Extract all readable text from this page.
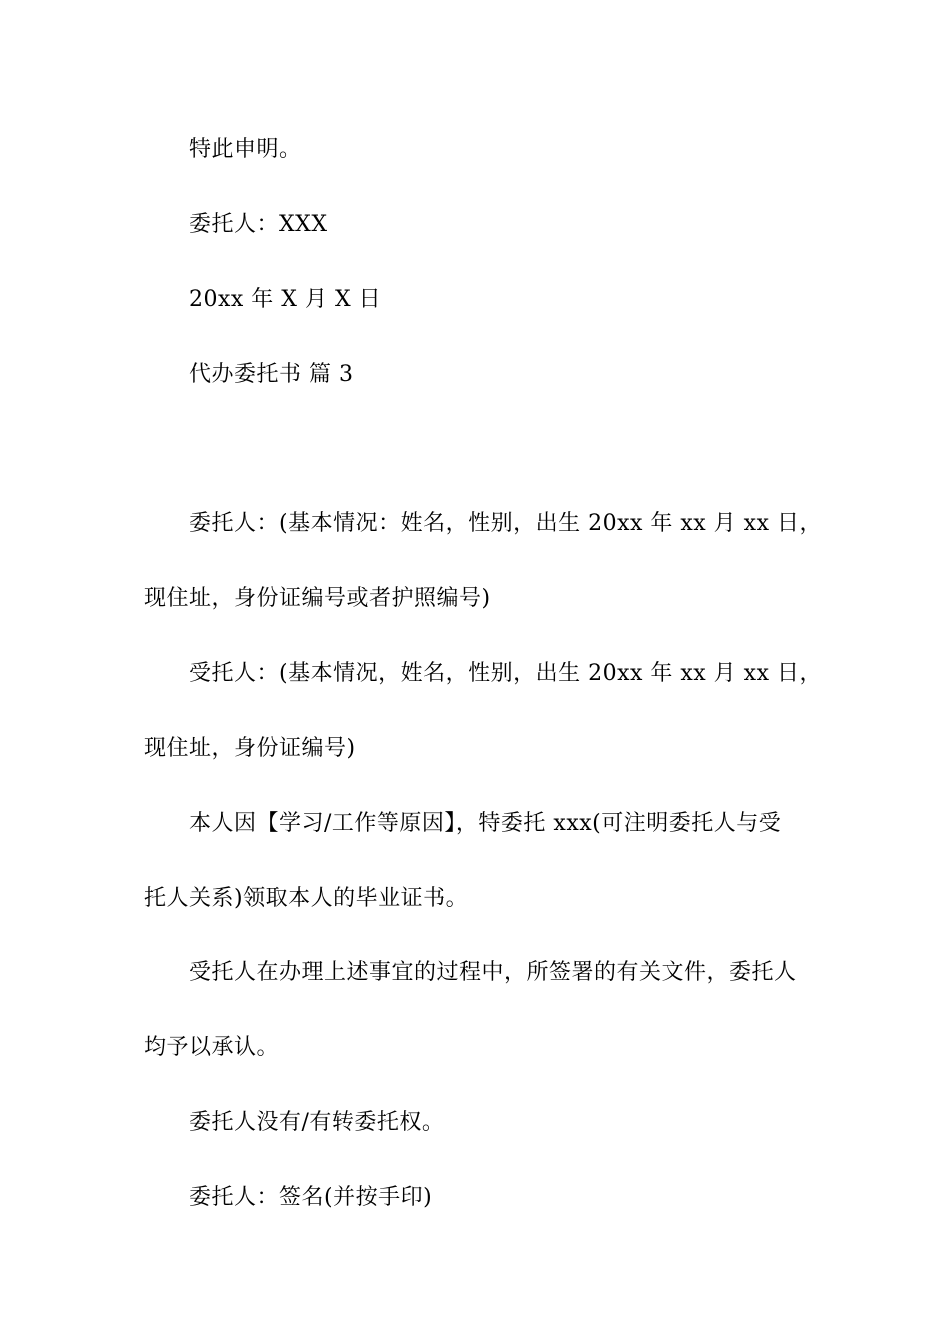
特此申明。
委托人：XXX
20xx 年 X 月 X 日
代办委托书 篇 3
委托人：(基本情况：姓名，性别，出生 20xx 年 xx 月 xx 日，
现住址，身份证编号或者护照编号)
受托人：(基本情况，姓名，性别，出生 20xx 年 xx 月 xx 日，
现住址，身份证编号)
本人因【学习/工作等原因】，特委托 xxx(可注明委托人与受
托人关系)领取本人的毕业证书。
受托人在办理上述事宜的过程中，所签署的有关文件，委托人
均予以承认。
委托人没有/有转委托权。
委托人：签名(并按手印)
